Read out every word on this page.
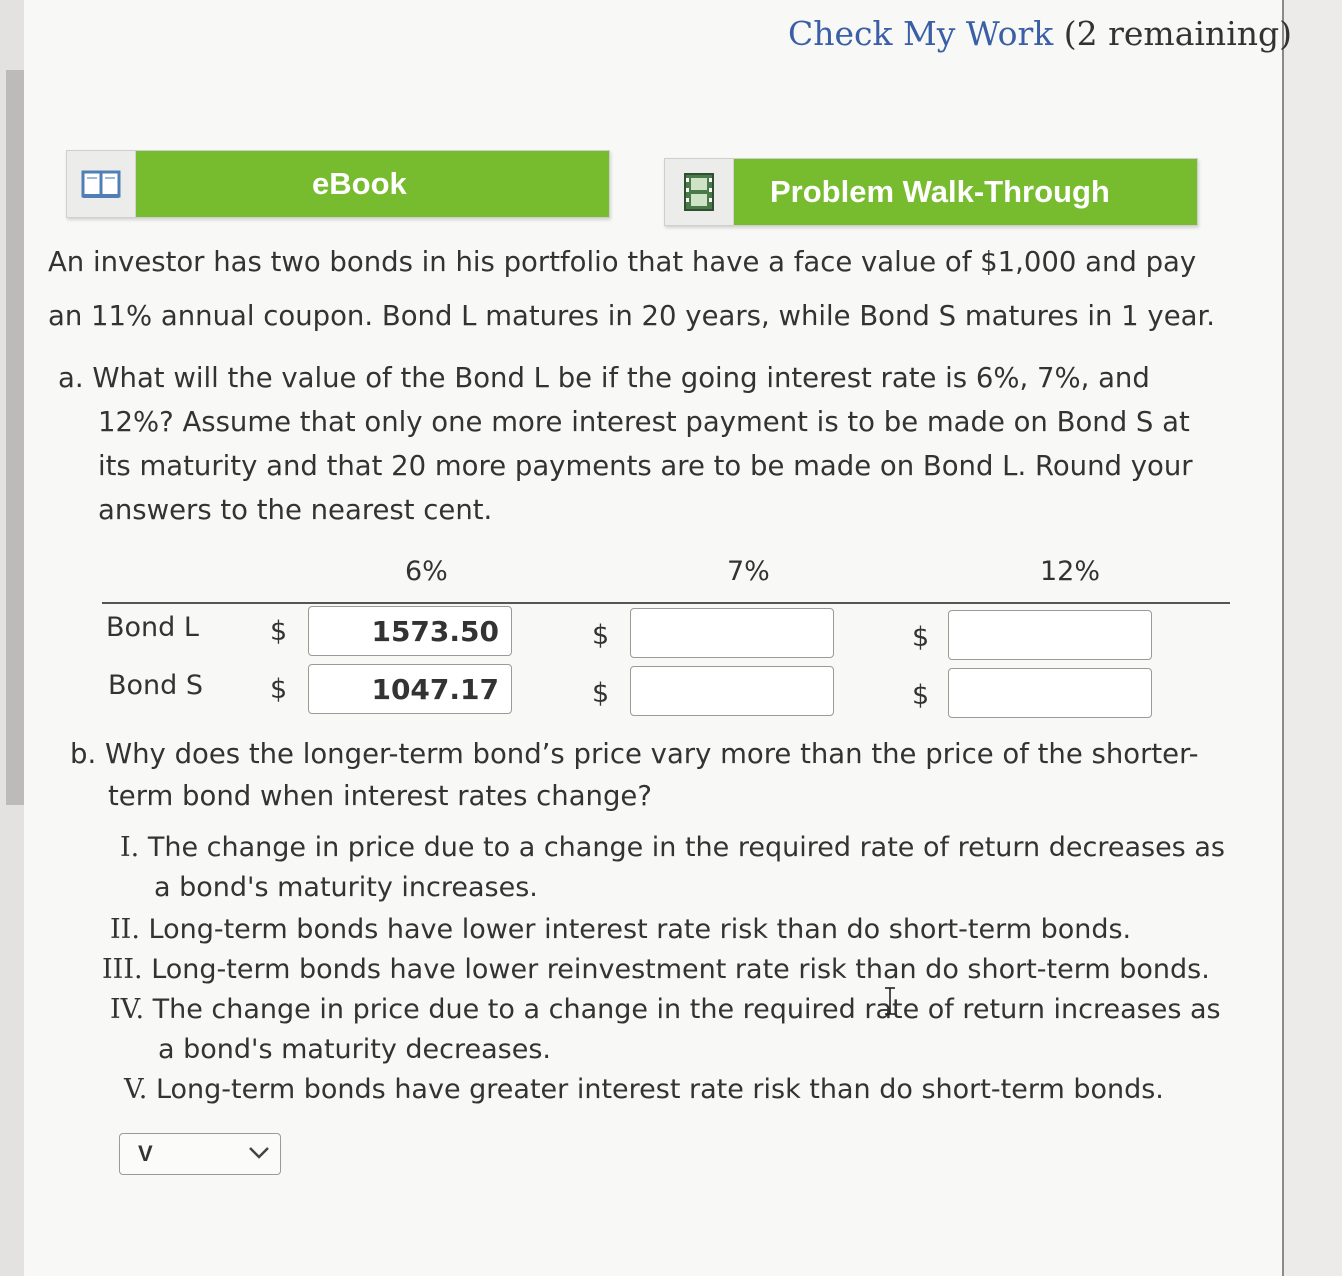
Check My Work (2 remaining)
eBook	Problem Walk-Through
An investor has two bonds in his portfolio that have a face value of $1,000 and pay
an 11% annual coupon. Bond L matures in 20 years, while Bond S matures in 1 year.
a. What will the value of the Bond L be if the going interest rate is 6%, 7%, and
12%? Assume that only one more interest payment is to be made on Bond S at
its maturity and that 20 more payments are to be made on Bond L. Round your
answers to the nearest cent.
6%	7%	12%
Bond L	$	1573.50	$	$
Bond S $	1047.17	$	$
b. Why does the longer-term bond’s price vary more than the price of the shorter-
term bond when interest rates change?
I. The change in price due to a change in the required rate of return decreases as
a bond's maturity increases.
II. Long-term bonds have lower interest rate risk than do short-term bonds.
III. Long-term bonds have lower reinvestment rate risk than do short-term bonds.
IV. The change in price due to a change in the required rate of return increases as
a bond's maturity decreases.
V. Long-term bonds have greater interest rate risk than do short-term bonds.
V
